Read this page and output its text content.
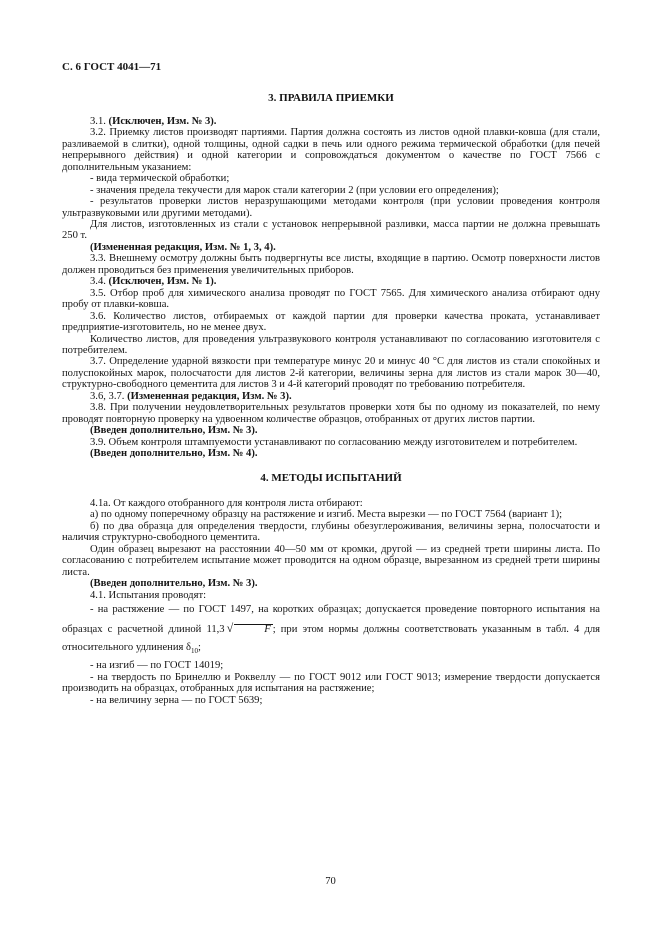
С. 6 ГОСТ 4041—71
3. ПРАВИЛА ПРИЕМКИ

3.1. (Исключен, Изм. № 3).

3.2. Приемку листов производят партиями. Партия должна состоять из листов одной плавки-ковша (для стали, разливаемой в слитки), одной толщины, одной садки в печь или одного режима термической обработки (для печей непрерывного действия) и одной категории и сопровождаться документом о качестве по ГОСТ 7566 с дополнительным указанием:

- вида термической обработки;

- значения предела текучести для марок стали категории 2 (при условии его определения);

- результатов проверки листов неразрушающими методами контроля (при условии проведения контроля ультразвуковыми или другими методами).

Для листов, изготовленных из стали с установок непрерывной разливки, масса партии не должна превышать 250 т.

(Измененная редакция, Изм. № 1, 3, 4).

3.3. Внешнему осмотру должны быть подвергнуты все листы, входящие в партию. Осмотр поверхности листов должен проводиться без применения увеличительных приборов.

3.4. (Исключен, Изм. № 1).

3.5. Отбор проб для химического анализа проводят по ГОСТ 7565. Для химического анализа отбирают одну пробу от плавки-ковша.

3.6. Количество листов, отбираемых от каждой партии для проверки качества проката, устанавливает предприятие-изготовитель, но не менее двух.

Количество листов, для проведения ультразвукового контроля устанавливают по согласованию изготовителя с потребителем.

3.7. Определение ударной вязкости при температуре минус 20 и минус 40 °С для листов из стали спокойных и полуспокойных марок, полосчатости для листов 2-й категории, величины зерна для листов из стали марок 30—40, структурно-свободного цементита для листов 3 и 4-й категорий проводят по требованию потребителя.

3.6, 3.7. (Измененная редакция, Изм. № 3).

3.8. При получении неудовлетворительных результатов проверки хотя бы по одному из показателей, по нему проводят повторную проверку на удвоенном количестве образцов, отобранных от других листов партии.

(Введен дополнительно, Изм. № 3).

3.9. Объем контроля штампуемости устанавливают по согласованию между изготовителем и потребителем.

(Введен дополнительно, Изм. № 4).

4. МЕТОДЫ ИСПЫТАНИЙ

4.1а. От каждого отобранного для контроля листа отбирают:

а) по одному поперечному образцу на растяжение и изгиб. Места вырезки — по ГОСТ 7564 (вариант 1);

б) по два образца для определения твердости, глубины обезуглероживания, величины зерна, полосчатости и наличия структурно-свободного цементита.

Один образец вырезают на расстоянии 40—50 мм от кромки, другой — из средней трети ширины листа. По согласованию с потребителем испытание может проводится на одном образце, вырезанном из средней трети ширины листа.

(Введен дополнительно, Изм. № 3).

4.1. Испытания проводят:

- на растяжение — по ГОСТ 1497, на коротких образцах; допускается проведение повторного испытания на образцах с расчетной длиной 11,3 √	F ; при этом нормы должны соответствовать указанным в табл. 4 для относительного удлинения $\delta_{10}$;

- на изгиб — по ГОСТ 14019;

- на твердость по Бринеллю и Роквеллу — по ГОСТ 9012 или ГОСТ 9013; измерение твердости допускается производить на образцах, отобранных для испытания на растяжение;

- на величину зерна — по ГОСТ 5639;

70
